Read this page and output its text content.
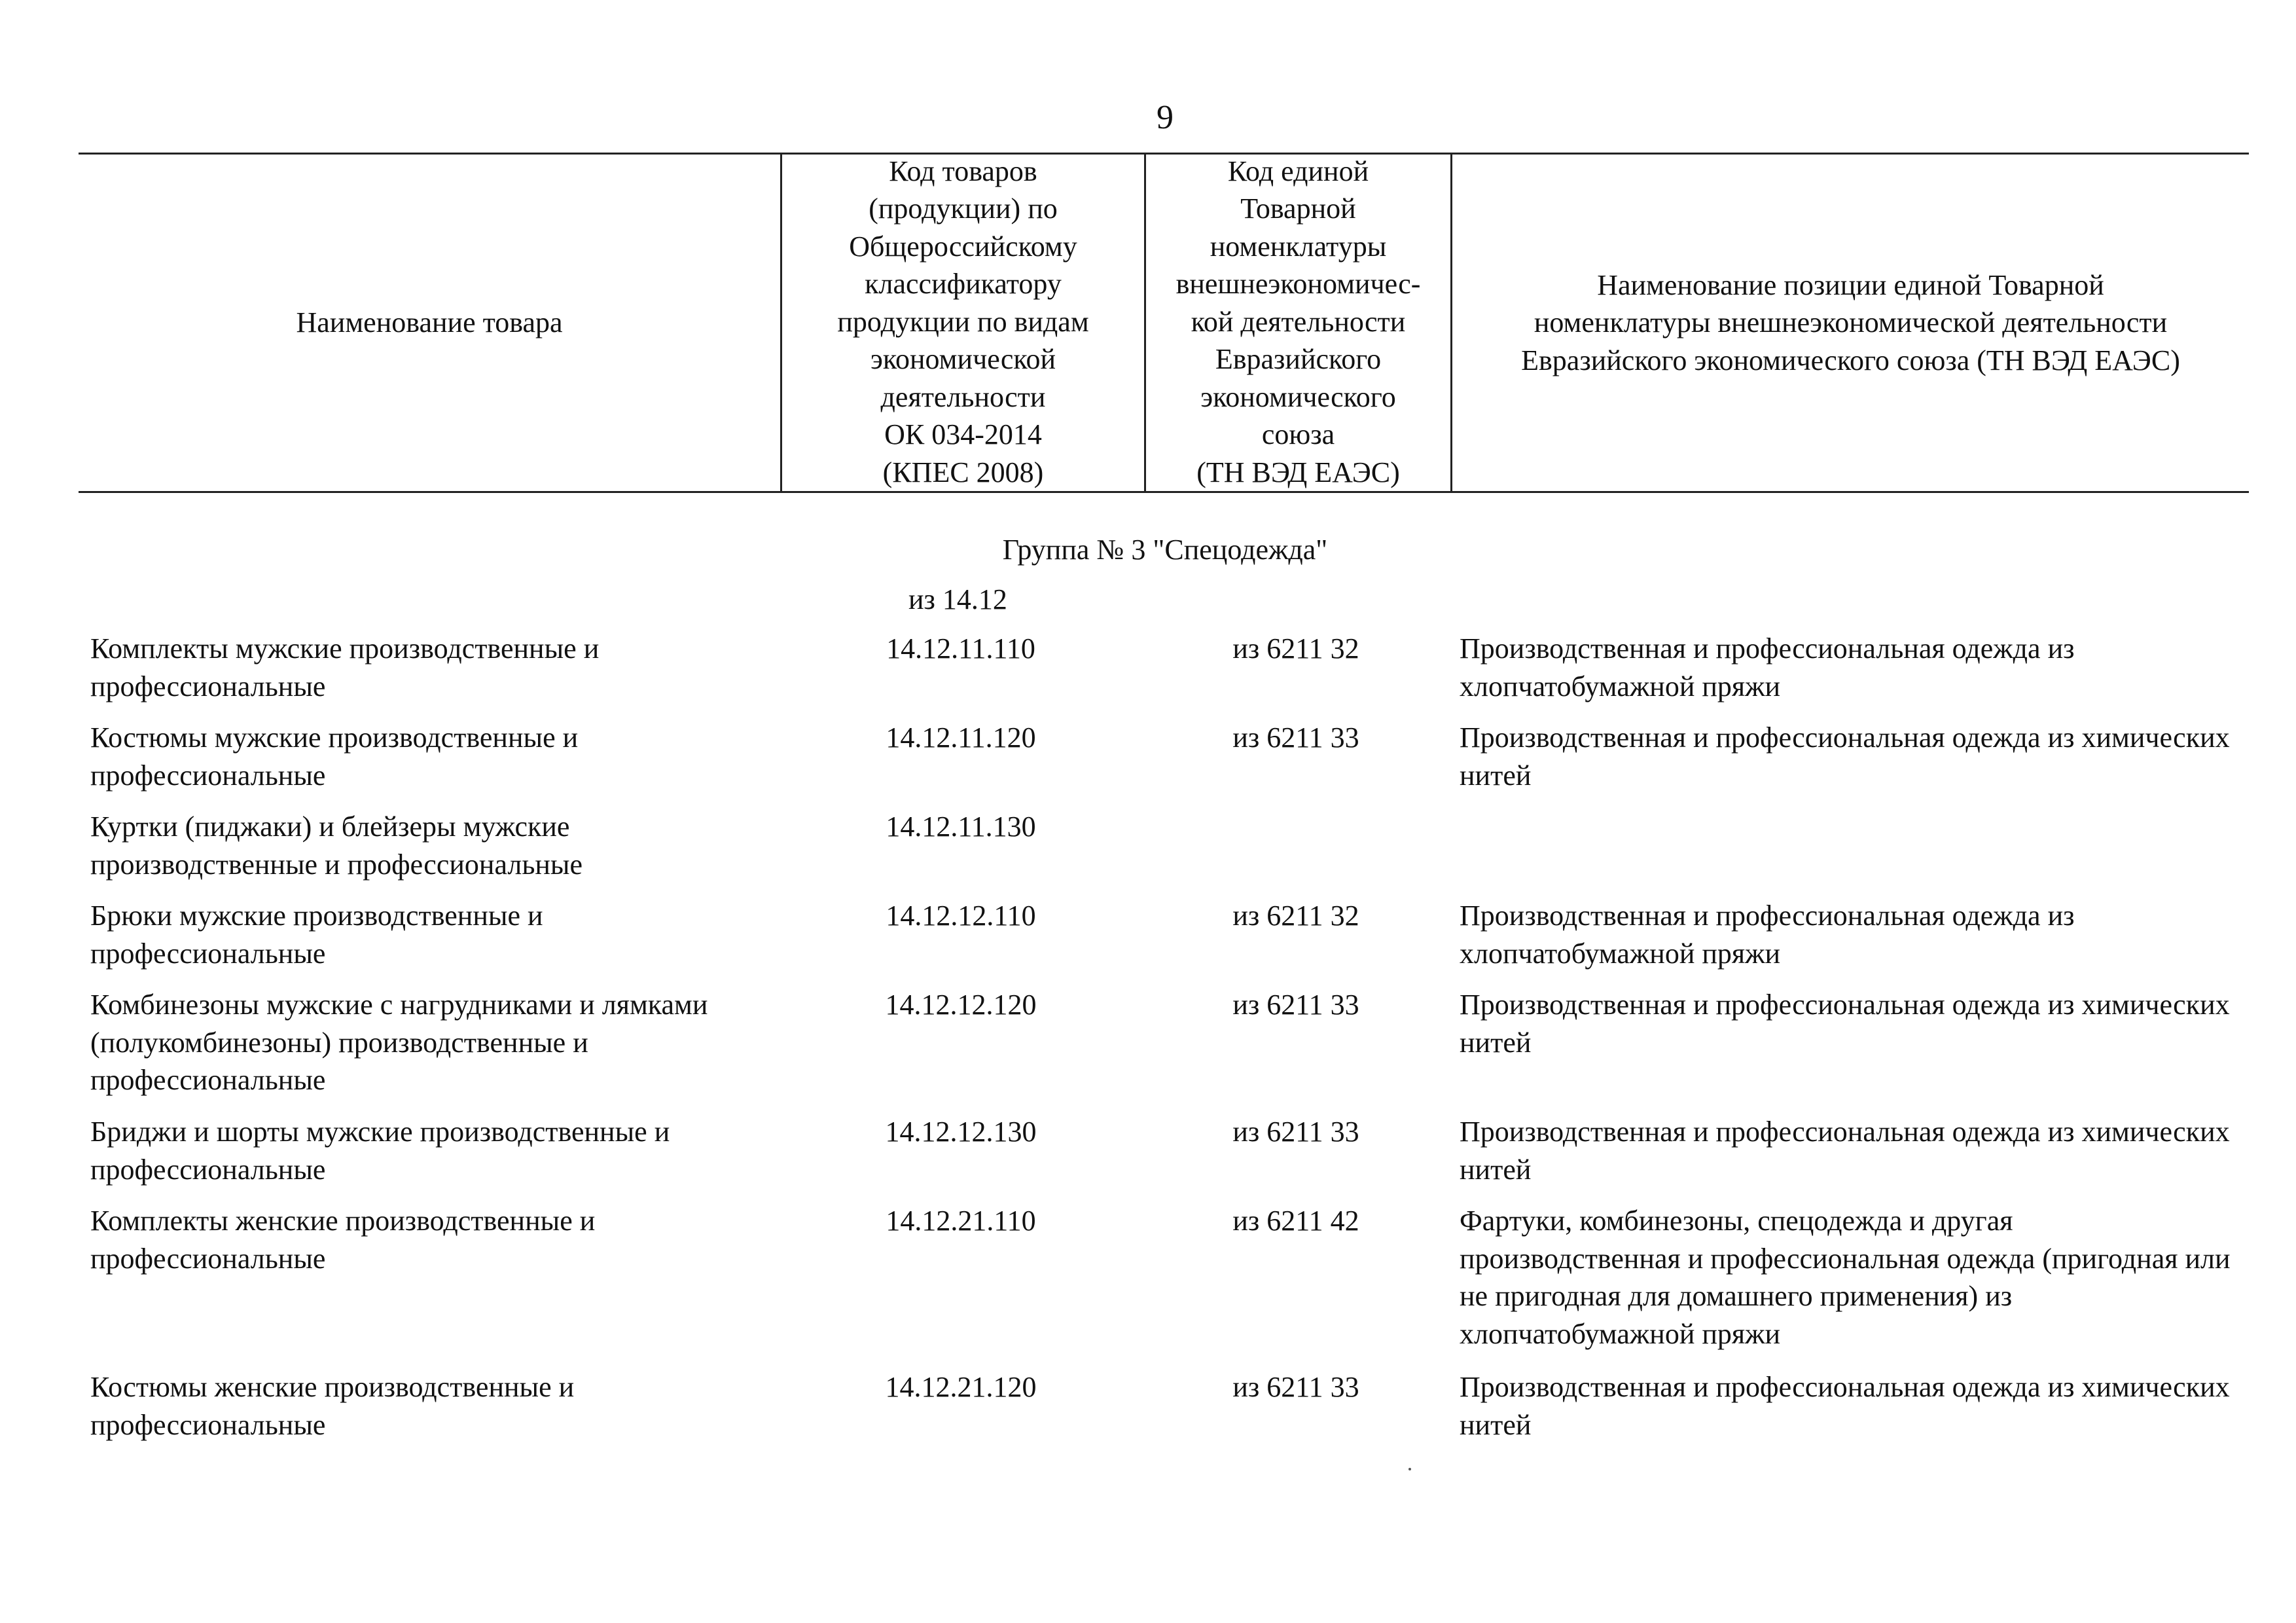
9
Наименование товара
Код товаров
(продукции) по
Общероссийскому
классификатору
продукции по видам
экономической
деятельности
ОК 034-2014
(КПЕС 2008)
Код единой
Товарной
номенклатуры
внешнеэкономичес-
кой деятельности
Евразийского
экономического
союза
(ТН ВЭД ЕАЭС)
Наименование позиции единой Товарной
номенклатуры внешнеэкономической деятельности
Евразийского экономического союза (ТН ВЭД ЕАЭС)
Группа № 3 "Спецодежда"
из 14.12
Комплекты мужские производственные и профессиональные
14.12.11.110	из 6211 32	Производственная и профессиональная одежда из хлопчатобумажной пряжи
Костюмы мужские производственные и профессиональные
14.12.11.120	из 6211 33	Производственная и профессиональная одежда из химических нитей
Куртки (пиджаки) и блейзеры мужские производственные и профессиональные
14.12.11.130
Брюки мужские производственные и профессиональные
14.12.12.110	из 6211 32	Производственная и профессиональная одежда из хлопчатобумажной пряжи
Комбинезоны мужские с нагрудниками и лямками (полукомбинезоны) производственные и профессиональные
14.12.12.120	из 6211 33	Производственная и профессиональная одежда из химических нитей
Бриджи и шорты мужские производственные и профессиональные
14.12.12.130	из 6211 33	Производственная и профессиональная одежда из химических нитей
Комплекты женские производственные и профессиональные
14.12.21.110	из 6211 42	Фартуки, комбинезоны, спецодежда и другая производственная и профессиональная одежда (пригодная или не пригодная для домашнего применения) из хлопчатобумажной пряжи
Костюмы женские производственные и профессиональные
14.12.21.120	из 6211 33	Производственная и профессиональная одежда из химических нитей
